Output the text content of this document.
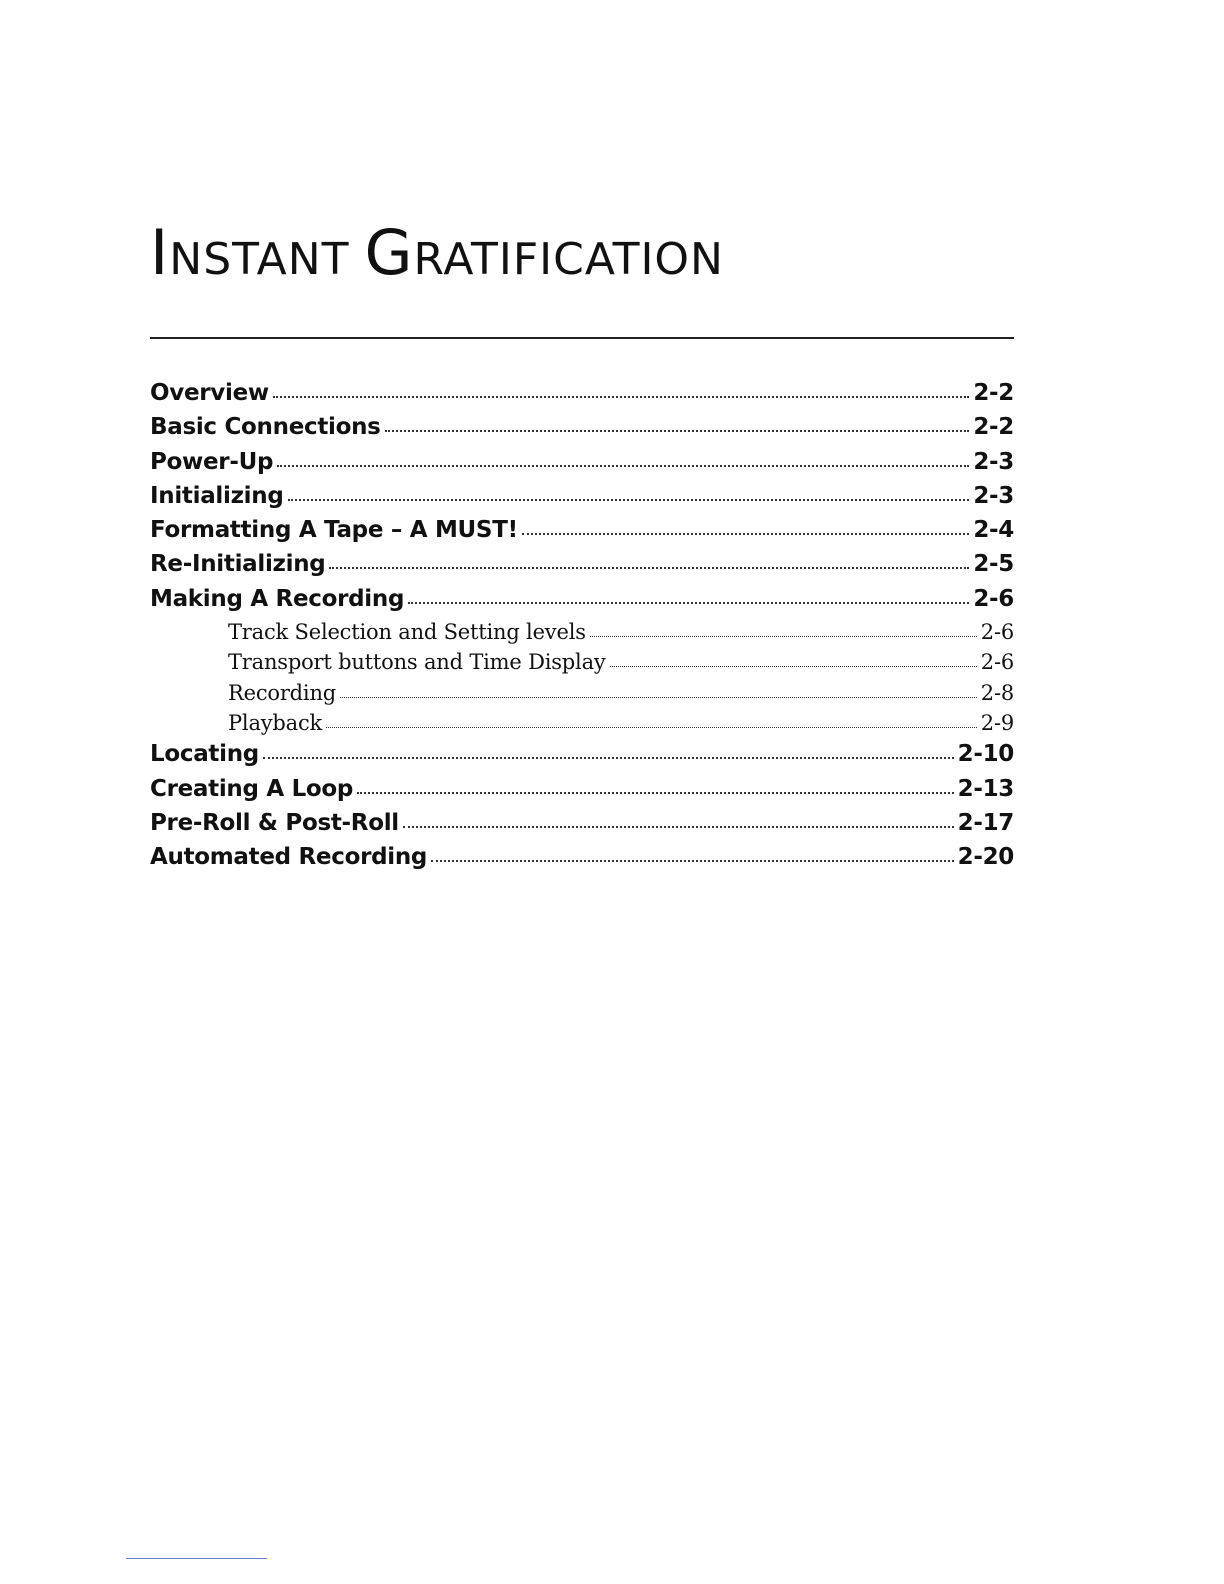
INSTANT GRATIFICATION
Overview	2-2
Basic Connections	2-2
Power-Up	2-3
Initializing	2-3
Formatting A Tape – A MUST!	2-4
Re-Initializing	2-5
Making A Recording	2-6
Track Selection and Setting levels	2-6
Transport buttons and Time Display	2-6
Recording	2-8
Playback	2-9
Locating	2-10
Creating A Loop	2-13
Pre-Roll & Post-Roll	2-17
Automated Recording	2-20
